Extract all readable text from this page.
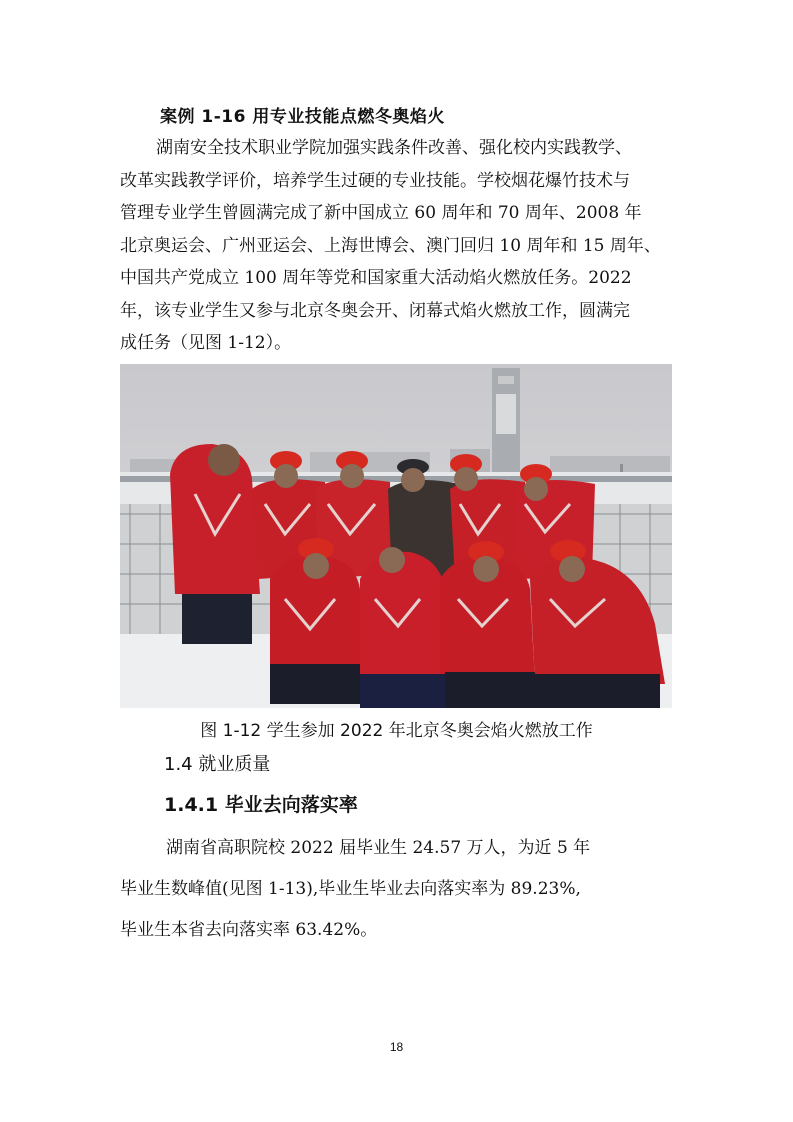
案例 1-16 用专业技能点燃冬奥焰火
湖南安全技术职业学院加强实践条件改善、强化校内实践教学、
改革实践教学评价，培养学生过硬的专业技能。学校烟花爆竹技术与
管理专业学生曾圆满完成了新中国成立 60 周年和 70 周年、2008 年
北京奥运会、广州亚运会、上海世博会、澳门回归 10 周年和 15 周年、
中国共产党成立 100 周年等党和国家重大活动焰火燃放任务。2022
年，该专业学生又参与北京冬奥会开、闭幕式焰火燃放工作，圆满完
成任务（见图 1-12）。
图 1-12 学生参加 2022 年北京冬奥会焰火燃放工作
1.4 就业质量
1.4.1 毕业去向落实率
湖南省高职院校 2022 届毕业生 24.57 万人，为近 5 年
毕业生数峰值(见图 1-13),毕业生毕业去向落实率为 89.23%,
毕业生本省去向落实率 63.42%。
18
